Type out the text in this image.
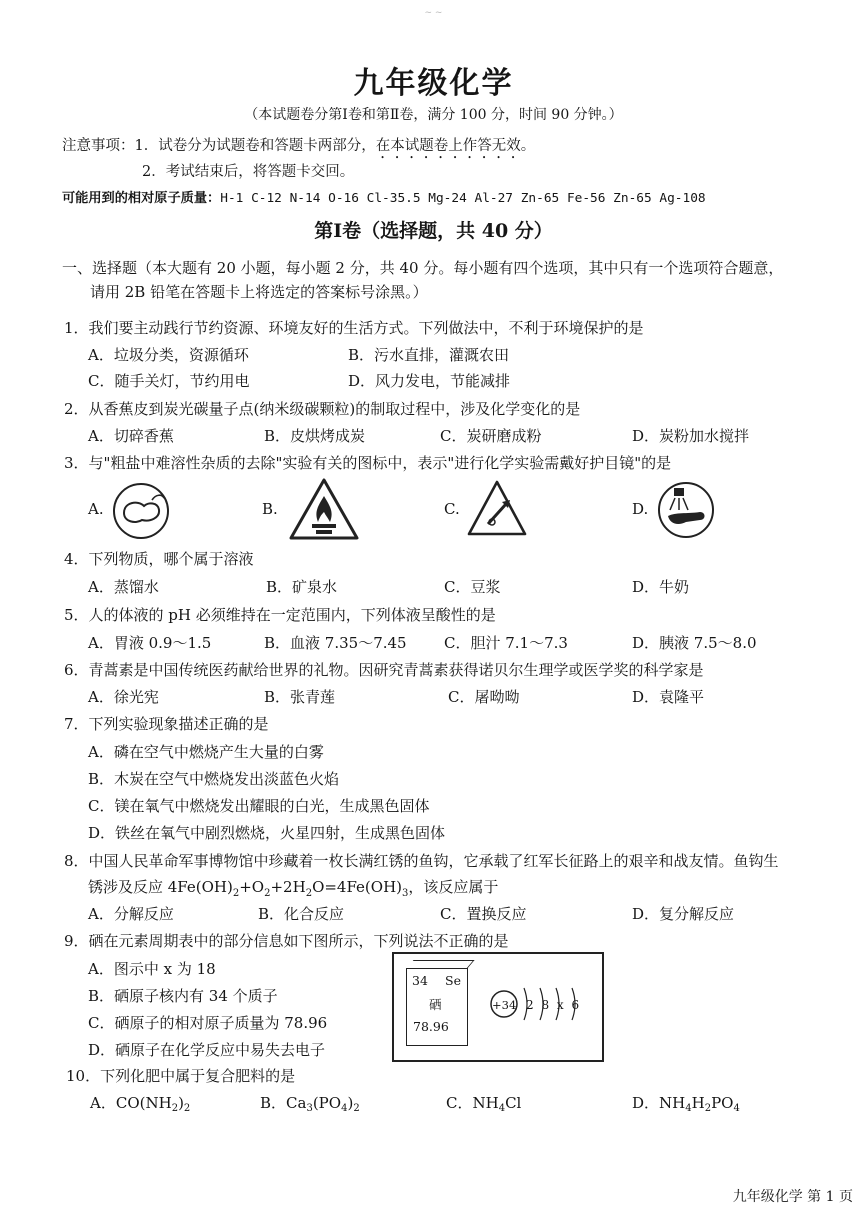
~ ~
九年级化学
（本试题卷分第Ⅰ卷和第Ⅱ卷，满分 100 分，时间 90 分钟。）
注意事项：1．试卷分为试题卷和答题卡两部分，在本试题卷上作答无效。
2．考试结束后，将答题卡交回。
可能用到的相对原子质量：H-1 C-12 N-14 O-16 Cl-35.5 Mg-24 Al-27 Zn-65 Fe-56 Zn-65 Ag-108
第Ⅰ卷（选择题，共 40 分）
一、选择题（本大题有 20 小题，每小题 2 分，共 40 分。每小题有四个选项，其中只有一个选项符合题意，
请用 2B 铅笔在答题卡上将选定的答案标号涂黑。）
1．我们要主动践行节约资源、环境友好的生活方式。下列做法中，不利于环境保护的是
A．垃圾分类，资源循环	B．污水直排，灌溉农田
C．随手关灯，节约用电	D．风力发电，节能减排
2．从香蕉皮到炭光碳量子点(纳米级碳颗粒)的制取过程中，涉及化学变化的是
A．切碎香蕉	B．皮烘烤成炭	C．炭研磨成粉	D．炭粉加水搅拌
3．与"粗盐中难溶性杂质的去除"实验有关的图标中，表示"进行化学实验需戴好护目镜"的是
A.	B.	C.	D.
4．下列物质，哪个属于溶液
A．蒸馏水	B．矿泉水	C．豆浆	D．牛奶
5．人的体液的 pH 必须维持在一定范围内，下列体液呈酸性的是
A．胃液 0.9～1.5	B．血液 7.35～7.45 C．胆汁 7.1～7.3	D．胰液 7.5～8.0
6．青蒿素是中国传统医药献给世界的礼物。因研究青蒿素获得诺贝尔生理学或医学奖的科学家是
A．徐光宪	B．张青莲	C．屠呦呦	D．袁隆平
7．下列实验现象描述正确的是
A．磷在空气中燃烧产生大量的白雾
B．木炭在空气中燃烧发出淡蓝色火焰
C．镁在氧气中燃烧发出耀眼的白光，生成黑色固体
D．铁丝在氧气中剧烈燃烧，火星四射，生成黑色固体
8．中国人民革命军事博物馆中珍藏着一枚长满红锈的鱼钩，它承载了红军长征路上的艰辛和战友情。鱼钩生
锈涉及反应 $4Fe(OH)_2+O_2+2H_2O=4Fe(OH)_3$，该反应属于
A．分解反应	B．化合反应	C．置换反应	D．复分解反应
9．硒在元素周期表中的部分信息如下图所示，下列说法不正确的是
A．图示中 x 为 18
B．硒原子核内有 34 个质子
C．硒原子的相对原子质量为 78.96
D．硒原子在化学反应中易失去电子
34 Se
硒
78.96
+34 2 8 x 6
10．下列化肥中属于复合肥料的是
A．$CO(NH_2)_2$	B．$Ca_3(PO_4)_2$	C．$NH_4Cl$	D．$NH_4H_2PO_4$
九年级化学 第 1 页
